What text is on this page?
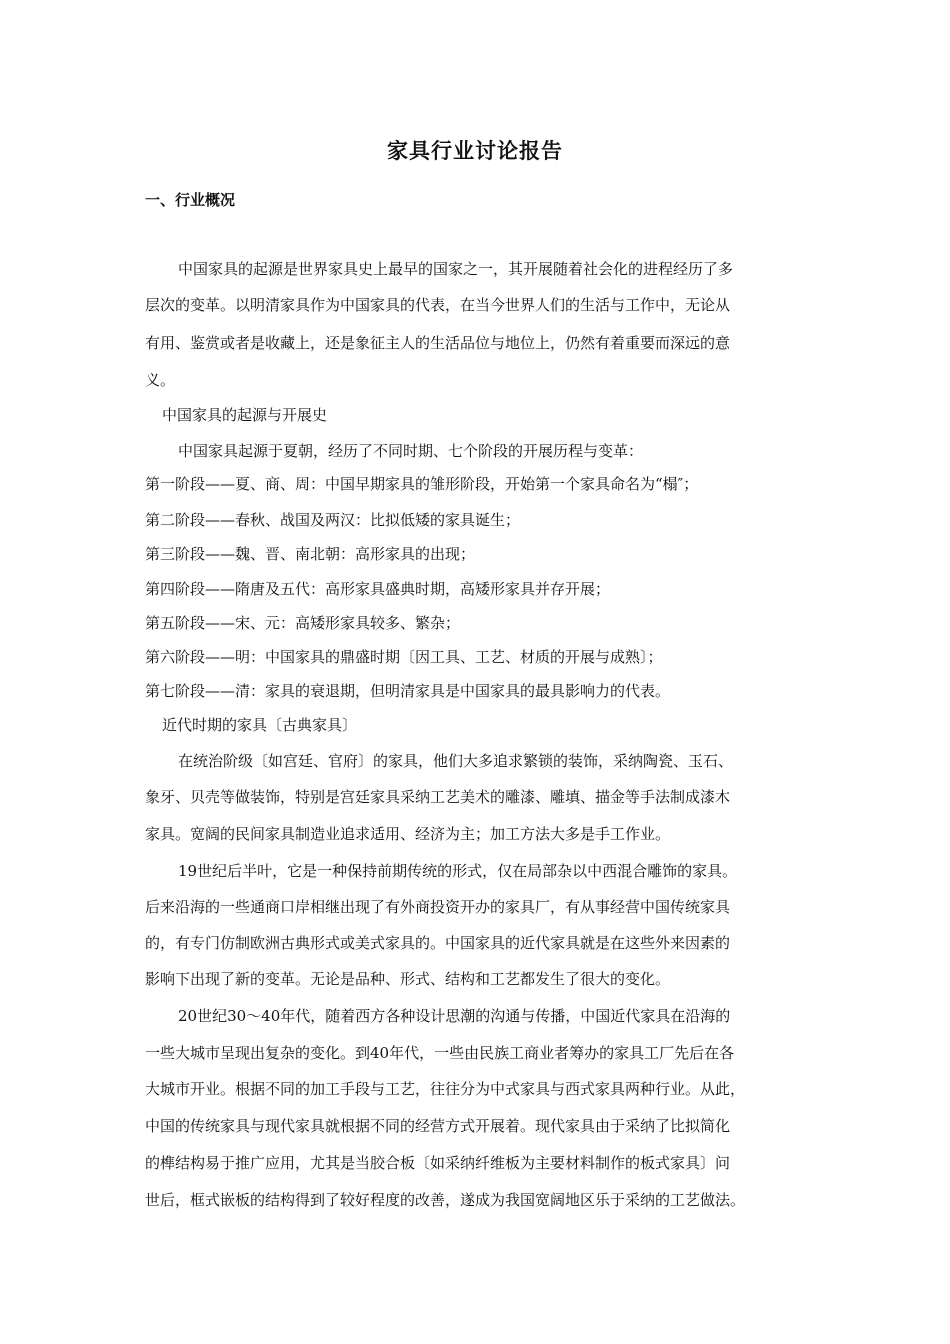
家具行业讨论报告
一、行业概况

中国家具的起源是世界家具史上最早的国家之一，其开展随着社会化的进程经历了多

层次的变革。以明清家具作为中国家具的代表，在当今世界人们的生活与工作中，无论从

有用、鉴赏或者是收藏上，还是象征主人的生活品位与地位上，仍然有着重要而深远的意

义。

中国家具的起源与开展史

中国家具起源于夏朝，经历了不同时期、七个阶段的开展历程与变革：

第一阶段——夏、商、周：中国早期家具的雏形阶段，开始第一个家具命名为“榻″；

第二阶段——春秋、战国及两汉：比拟低矮的家具诞生；

第三阶段——魏、晋、南北朝：高形家具的出现；

第四阶段——隋唐及五代：高形家具盛典时期，高矮形家具并存开展；

第五阶段——宋、元：高矮形家具较多、繁杂；

第六阶段——明：中国家具的鼎盛时期〔因工具、工艺、材质的开展与成熟〕；

第七阶段——清：家具的衰退期，但明清家具是中国家具的最具影响力的代表。

近代时期的家具〔古典家具〕

在统治阶级〔如宫廷、官府〕的家具，他们大多追求繁锁的装饰，采纳陶瓷、玉石、

象牙、贝壳等做装饰，特别是宫廷家具采纳工艺美术的雕漆、雕填、描金等手法制成漆木

家具。宽阔的民间家具制造业追求适用、经济为主；加工方法大多是手工作业。

19世纪后半叶，它是一种保持前期传统的形式，仅在局部杂以中西混合雕饰的家具。

后来沿海的一些通商口岸相继出现了有外商投资开办的家具厂，有从事经营中国传统家具

的，有专门仿制欧洲古典形式或美式家具的。中国家具的近代家具就是在这些外来因素的

影响下出现了新的变革。无论是品种、形式、结构和工艺都发生了很大的变化。

20世纪30～40年代，随着西方各种设计思潮的沟通与传播，中国近代家具在沿海的

一些大城市呈现出复杂的变化。到40年代，一些由民族工商业者筹办的家具工厂先后在各

大城市开业。根据不同的加工手段与工艺，往往分为中式家具与西式家具两种行业。从此，

中国的传统家具与现代家具就根据不同的经营方式开展着。现代家具由于采纳了比拟简化

的榫结构易于推广应用，尤其是当胶合板〔如采纳纤维板为主要材料制作的板式家具〕问

世后，框式嵌板的结构得到了较好程度的改善，遂成为我国宽阔地区乐于采纳的工艺做法。
